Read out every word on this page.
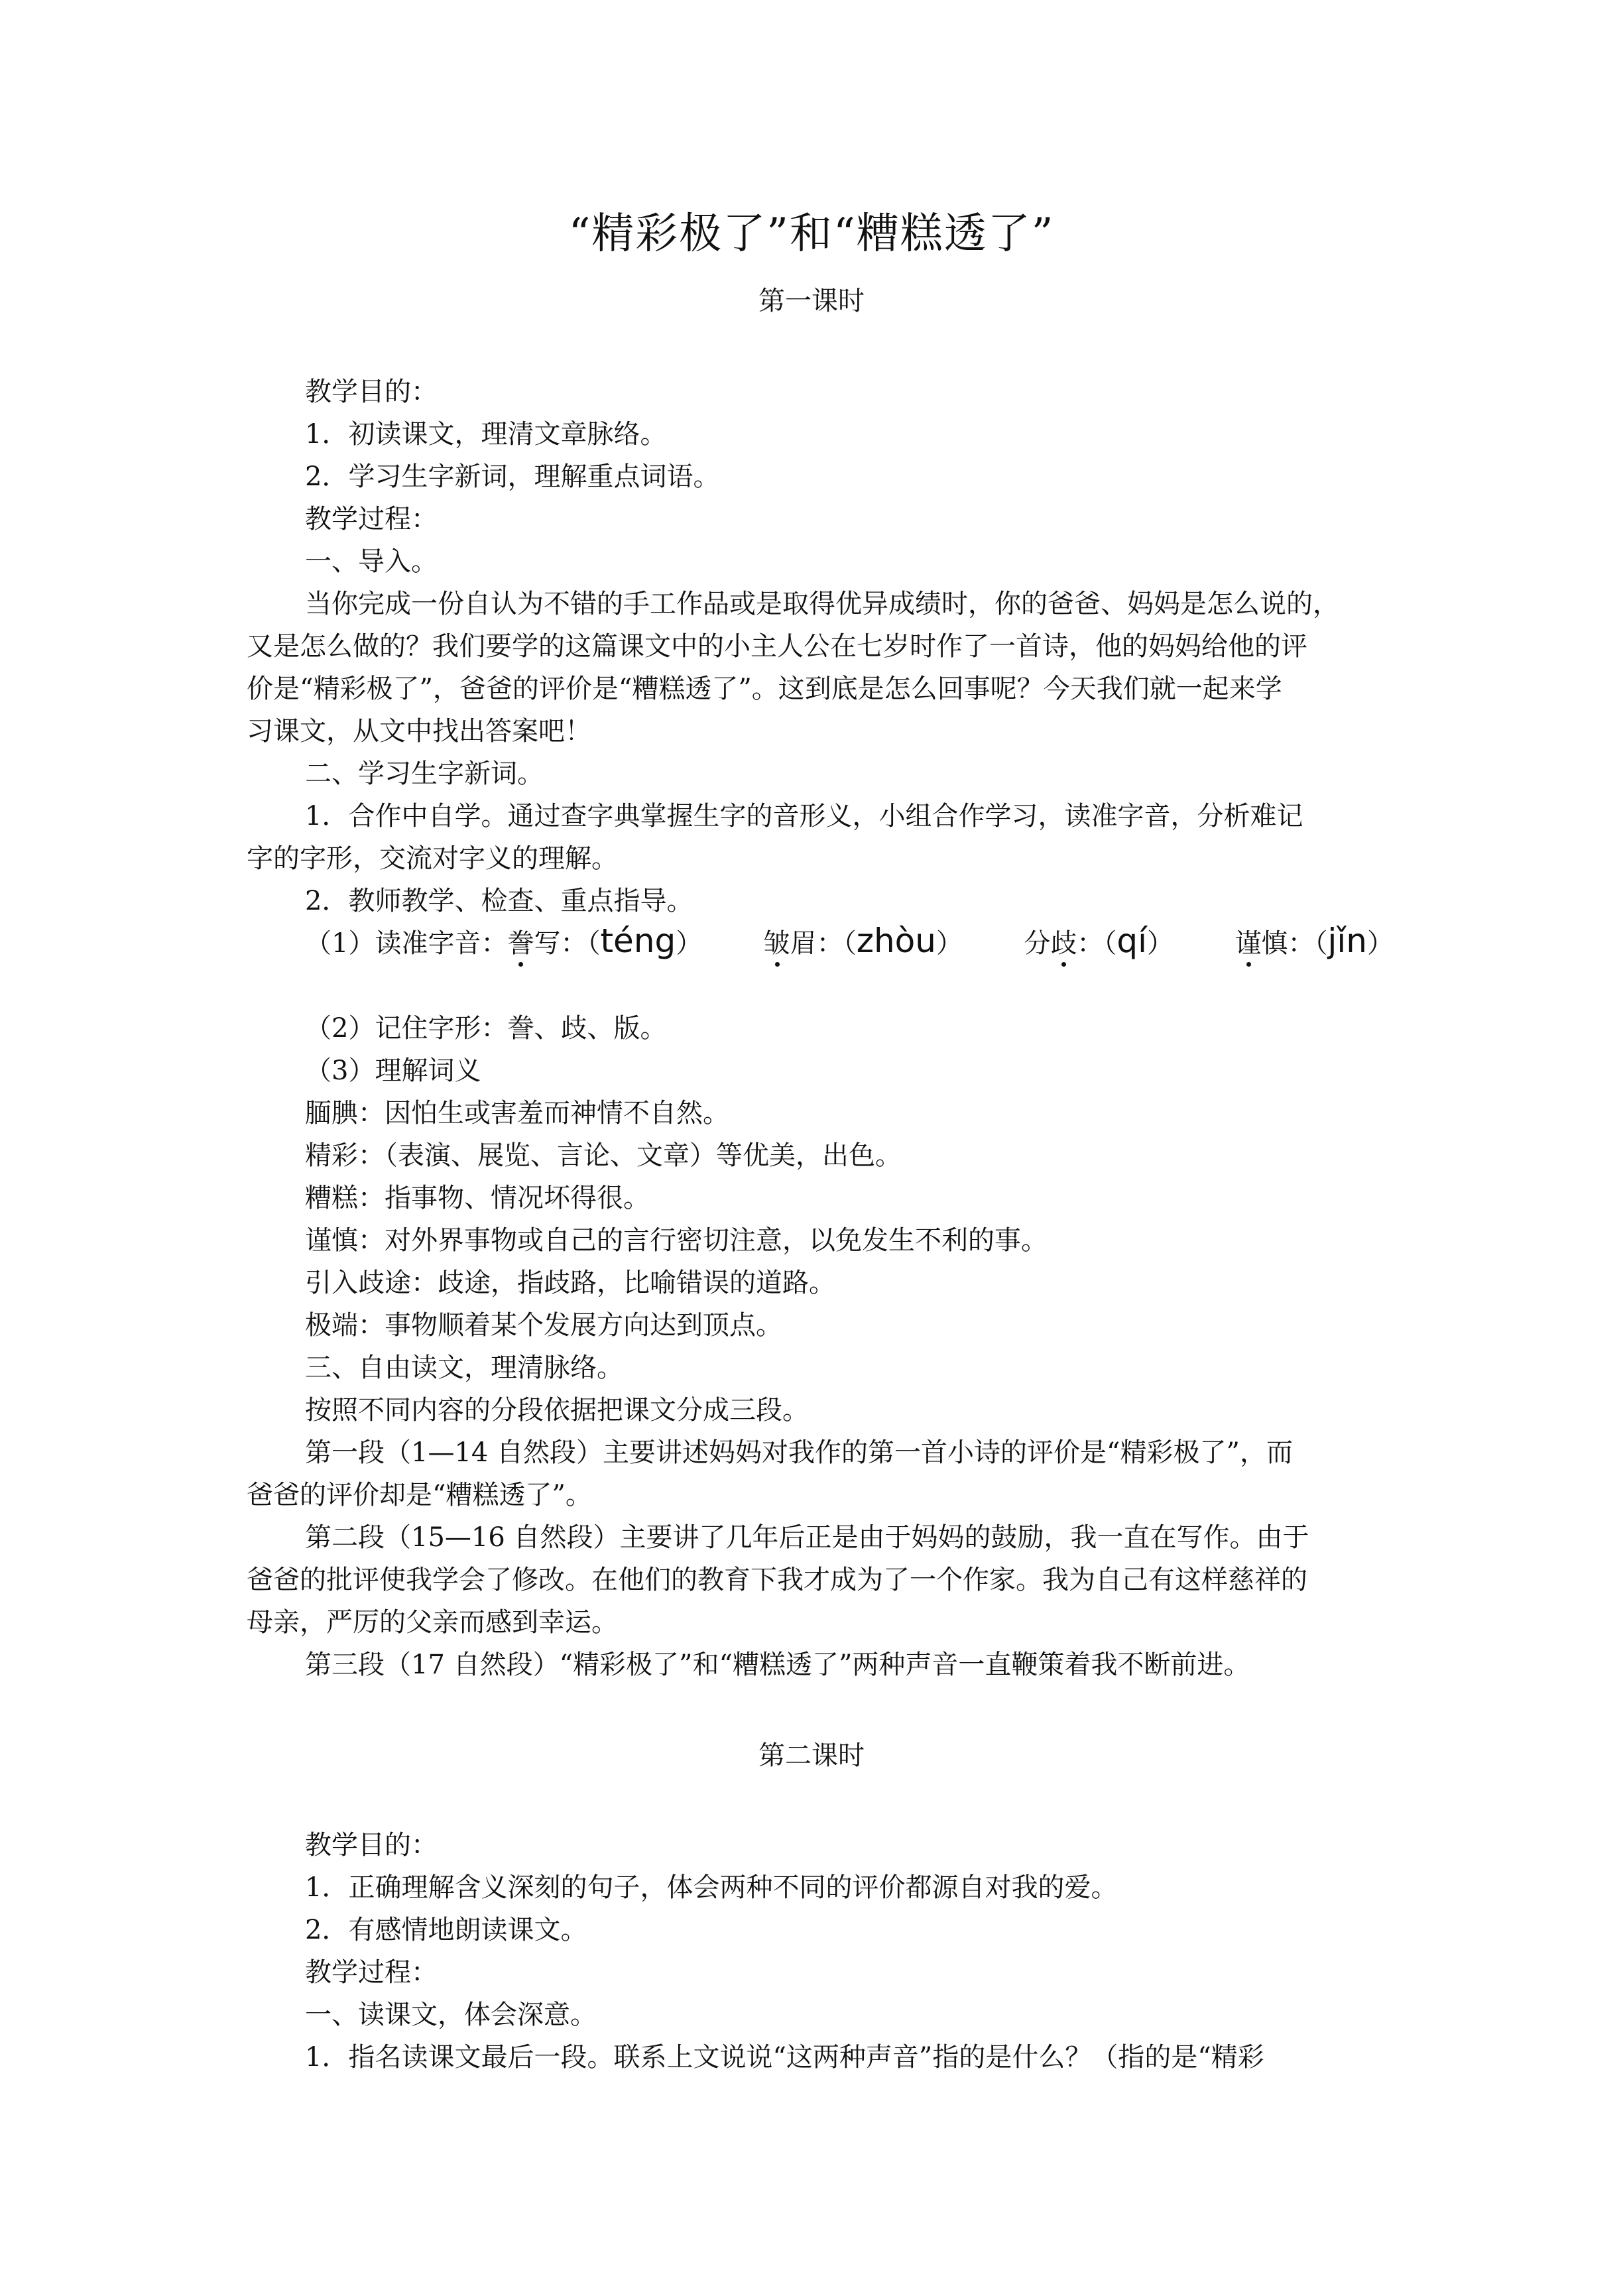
“精彩极了”和“糟糕透了”
第一课时

教学目的：

1．初读课文，理清文章脉络。

2．学习生字新词，理解重点词语。

教学过程：

一、导入。

当你完成一份自认为不错的手工作品或是取得优异成绩时，你的爸爸、妈妈是怎么说的，

又是怎么做的？我们要学的这篇课文中的小主人公在七岁时作了一首诗，他的妈妈给他的评

价是“精彩极了”，爸爸的评价是“糟糕透了”。这到底是怎么回事呢？今天我们就一起来学

习课文，从文中找出答案吧！

二、学习生字新词。

1．合作中自学。通过查字典掌握生字的音形义，小组合作学习，读准字音，分析难记

字的字形，交流对字义的理解。

2．教师教学、检查、重点指导。

（1）读准字音：誊写：（téng） 皱眉：（zhòu） 分歧：（qí） 谨慎：（jǐn）

（2）记住字形：誊、歧、版。

（3）理解词义

腼腆：因怕生或害羞而神情不自然。

精彩：（表演、展览、言论、文章）等优美，出色。

糟糕：指事物、情况坏得很。

谨慎：对外界事物或自己的言行密切注意，以免发生不利的事。

引入歧途：歧途，指歧路，比喻错误的道路。

极端：事物顺着某个发展方向达到顶点。

三、自由读文，理清脉络。

按照不同内容的分段依据把课文分成三段。

第一段（1—14 自然段）主要讲述妈妈对我作的第一首小诗的评价是“精彩极了”，而

爸爸的评价却是“糟糕透了”。

第二段（15—16 自然段）主要讲了几年后正是由于妈妈的鼓励，我一直在写作。由于

爸爸的批评使我学会了修改。在他们的教育下我才成为了一个作家。我为自己有这样慈祥的

母亲，严厉的父亲而感到幸运。

第三段（17 自然段）“精彩极了”和“糟糕透了”两种声音一直鞭策着我不断前进。

第二课时

教学目的：

1．正确理解含义深刻的句子，体会两种不同的评价都源自对我的爱。

2．有感情地朗读课文。

教学过程：

一、读课文，体会深意。

1．指名读课文最后一段。联系上文说说“这两种声音”指的是什么？（指的是“精彩
